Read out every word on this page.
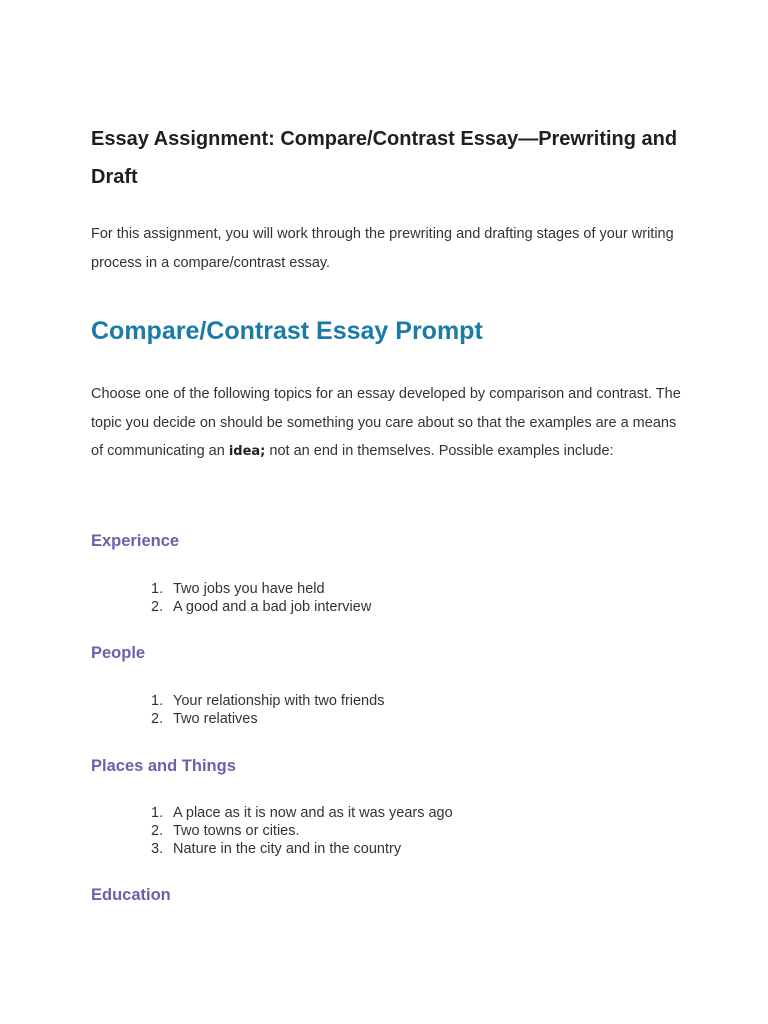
Essay Assignment: Compare/Contrast Essay—Prewriting and Draft

For this assignment, you will work through the prewriting and drafting stages of your writing process in a compare/contrast essay.

Compare/Contrast Essay Prompt

Choose one of the following topics for an essay developed by comparison and contrast. The topic you decide on should be something you care about so that the examples are a means of communicating an idea; not an end in themselves. Possible examples include:

Experience
1. Two jobs you have held
2. A good and a bad job interview
People
1. Your relationship with two friends
2. Two relatives
Places and Things
1. A place as it is now and as it was years ago
2. Two towns or cities.
3. Nature in the city and in the country
Education
